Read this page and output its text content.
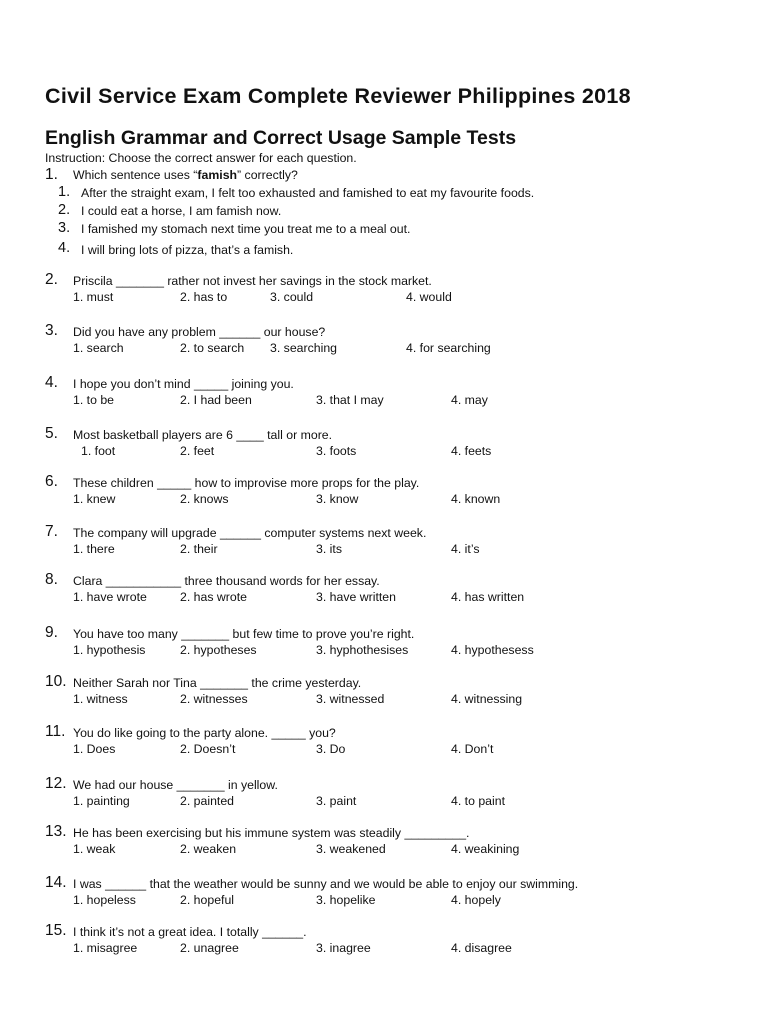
Civil Service Exam Complete Reviewer Philippines 2018
English Grammar and Correct Usage Sample Tests
Instruction: Choose the correct answer for each question.
1. Which sentence uses “famish” correctly?
1. After the straight exam, I felt too exhausted and famished to eat my favourite foods.
2. I could eat a horse, I am famish now.
3. I famished my stomach next time you treat me to a meal out.
4. I will bring lots of pizza, that’s a famish.
2. Priscila _______ rather not invest her savings in the stock market.
1. must	2. has to	3. could	4. would
3. Did you have any problem ______ our house?
1. search	2. to search 3. searching	4. for searching
4. I hope you don’t mind _____ joining you.
1. to be	2. I had been	3. that I may	4. may
5. Most basketball players are 6 ____ tall or more.
1. foot	2. feet	3. foots	4. feets
6. These children _____ how to improvise more props for the play.
1. knew	2. knows	3. know	4. known
7. The company will upgrade ______ computer systems next week.
1. there	2. their	3. its	4. it’s
8. Clara ___________ three thousand words for her essay.
1. have wrote	2. has wrote	3. have written	4. has written
9. You have too many _______ but few time to prove you’re right.
1. hypothesis	2. hypotheses	3. hyphothesises	4. hypothesess
10. Neither Sarah nor Tina _______ the crime yesterday.
1. witness	2. witnesses	3. witnessed	4. witnessing
11. You do like going to the party alone. _____ you?
1. Does	2. Doesn’t	3. Do	4. Don’t
12. We had our house _______ in yellow.
1. painting	2. painted	3. paint	4. to paint
13. He has been exercising but his immune system was steadily _________.
1. weak	2. weaken	3. weakened	4. weakining
14. I was ______ that the weather would be sunny and we would be able to enjoy our swimming.
1. hopeless	2. hopeful	3. hopelike	4. hopely
15. I think it’s not a great idea. I totally ______.
1. misagree	2. unagree	3. inagree	4. disagree
